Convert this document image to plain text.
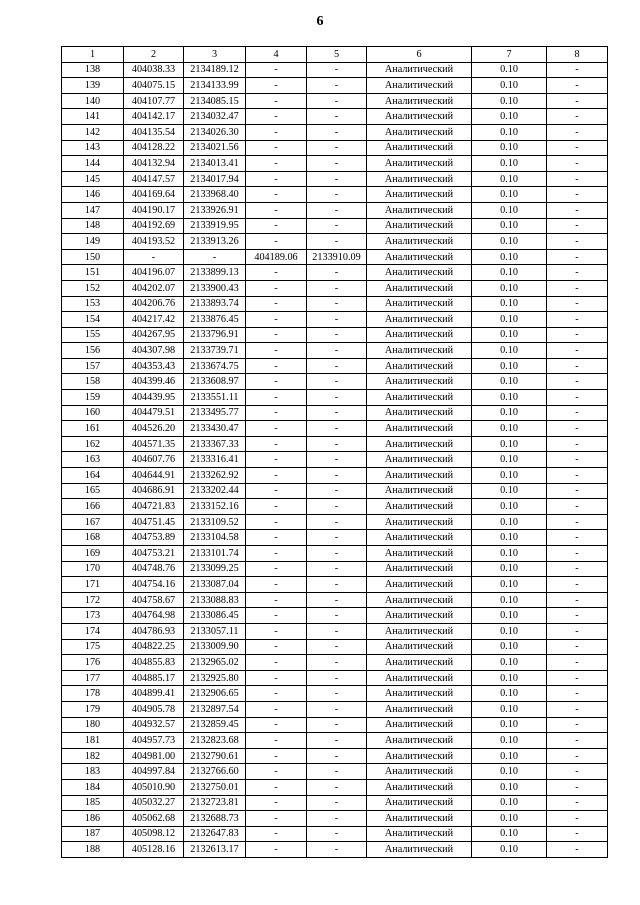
6
1	2	3	4	5	6	7	8
138	404038.33	2134189.12	-	-	Аналитический	0.10	-
139	404075.15	2134133.99	-	-	Аналитический	0.10	-
140	404107.77	2134085.15	-	-	Аналитический	0.10	-
141	404142.17	2134032.47	-	-	Аналитический	0.10	-
142	404135.54	2134026.30	-	-	Аналитический	0.10	-
143	404128.22	2134021.56	-	-	Аналитический	0.10	-
144	404132.94	2134013.41	-	-	Аналитический	0.10	-
145	404147.57	2134017.94	-	-	Аналитический	0.10	-
146	404169.64	2133968.40	-	-	Аналитический	0.10	-
147	404190.17	2133926.91	-	-	Аналитический	0.10	-
148	404192.69	2133919.95	-	-	Аналитический	0.10	-
149	404193.52	2133913.26	-	-	Аналитический	0.10	-
150	-	-	404189.06	2133910.09	Аналитический	0.10	-
151	404196.07	2133899.13	-	-	Аналитический	0.10	-
152	404202.07	2133900.43	-	-	Аналитический	0.10	-
153	404206.76	2133893.74	-	-	Аналитический	0.10	-
154	404217.42	2133876.45	-	-	Аналитический	0.10	-
155	404267.95	2133796.91	-	-	Аналитический	0.10	-
156	404307.98	2133739.71	-	-	Аналитический	0.10	-
157	404353.43	2133674.75	-	-	Аналитический	0.10	-
158	404399.46	2133608.97	-	-	Аналитический	0.10	-
159	404439.95	2133551.11	-	-	Аналитический	0.10	-
160	404479.51	2133495.77	-	-	Аналитический	0.10	-
161	404526.20	2133430.47	-	-	Аналитический	0.10	-
162	404571.35	2133367.33	-	-	Аналитический	0.10	-
163	404607.76	2133316.41	-	-	Аналитический	0.10	-
164	404644.91	2133262.92	-	-	Аналитический	0.10	-
165	404686.91	2133202.44	-	-	Аналитический	0.10	-
166	404721.83	2133152.16	-	-	Аналитический	0.10	-
167	404751.45	2133109.52	-	-	Аналитический	0.10	-
168	404753.89	2133104.58	-	-	Аналитический	0.10	-
169	404753.21	2133101.74	-	-	Аналитический	0.10	-
170	404748.76	2133099.25	-	-	Аналитический	0.10	-
171	404754.16	2133087.04	-	-	Аналитический	0.10	-
172	404758.67	2133088.83	-	-	Аналитический	0.10	-
173	404764.98	2133086.45	-	-	Аналитический	0.10	-
174	404786.93	2133057.11	-	-	Аналитический	0.10	-
175	404822.25	2133009.90	-	-	Аналитический	0.10	-
176	404855.83	2132965.02	-	-	Аналитический	0.10	-
177	404885.17	2132925.80	-	-	Аналитический	0.10	-
178	404899.41	2132906.65	-	-	Аналитический	0.10	-
179	404905.78	2132897.54	-	-	Аналитический	0.10	-
180	404932.57	2132859.45	-	-	Аналитический	0.10	-
181	404957.73	2132823.68	-	-	Аналитический	0.10	-
182	404981.00	2132790.61	-	-	Аналитический	0.10	-
183	404997.84	2132766.60	-	-	Аналитический	0.10	-
184	405010.90	2132750.01	-	-	Аналитический	0.10	-
185	405032.27	2132723.81	-	-	Аналитический	0.10	-
186	405062.68	2132688.73	-	-	Аналитический	0.10	-
187	405098.12	2132647.83	-	-	Аналитический	0.10	-
188	405128.16	2132613.17	-	-	Аналитический	0.10	-
